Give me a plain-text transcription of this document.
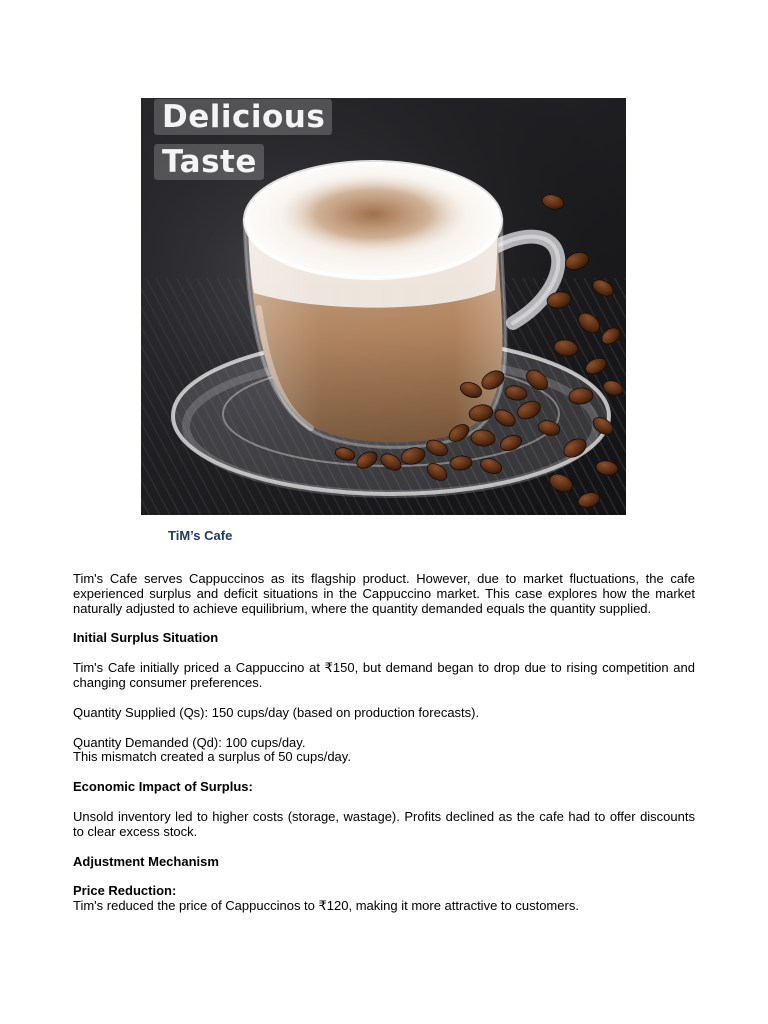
Delicious
Taste
TiM’s Cafe

Tim's Cafe serves Cappuccinos as its flagship product. However, due to market fluctuations, the cafe experienced surplus and deficit situations in the Cappuccino market. This case explores how the market naturally adjusted to achieve equilibrium, where the quantity demanded equals the quantity supplied.

Initial Surplus Situation

Tim's Cafe initially priced a Cappuccino at ₹150, but demand began to drop due to rising competition and changing consumer preferences.

Quantity Supplied (Qs): 150 cups/day (based on production forecasts).

Quantity Demanded (Qd): 100 cups/day.

This mismatch created a surplus of 50 cups/day.

Economic Impact of Surplus:

Unsold inventory led to higher costs (storage, wastage). Profits declined as the cafe had to offer discounts to clear excess stock.

Adjustment Mechanism

Price Reduction:

Tim's reduced the price of Cappuccinos to ₹120, making it more attractive to customers.
